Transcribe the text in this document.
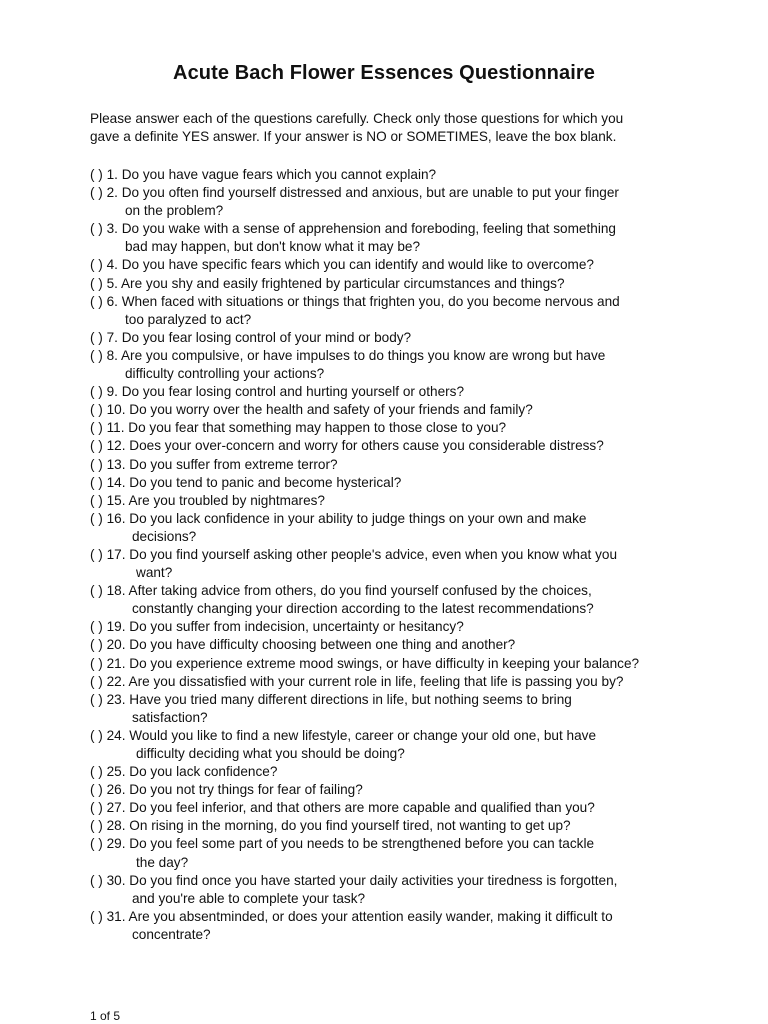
Acute Bach Flower Essences Questionnaire
Please answer each of the questions carefully. Check only those questions for which you
gave a definite YES answer. If your answer is NO or SOMETIMES, leave the box blank.
( ) 1. Do you have vague fears which you cannot explain?
( ) 2. Do you often find yourself distressed and anxious, but are unable to put your finger
on the problem?
( ) 3. Do you wake with a sense of apprehension and foreboding, feeling that something
bad may happen, but don't know what it may be?
( ) 4. Do you have specific fears which you can identify and would like to overcome?
( ) 5. Are you shy and easily frightened by particular circumstances and things?
( ) 6. When faced with situations or things that frighten you, do you become nervous and
too paralyzed to act?
( ) 7. Do you fear losing control of your mind or body?
( ) 8. Are you compulsive, or have impulses to do things you know are wrong but have
difficulty controlling your actions?
( ) 9. Do you fear losing control and hurting yourself or others?
( ) 10. Do you worry over the health and safety of your friends and family?
( ) 11. Do you fear that something may happen to those close to you?
( ) 12. Does your over-concern and worry for others cause you considerable distress?
( ) 13. Do you suffer from extreme terror?
( ) 14. Do you tend to panic and become hysterical?
( ) 15. Are you troubled by nightmares?
( ) 16. Do you lack confidence in your ability to judge things on your own and make
decisions?
( ) 17. Do you find yourself asking other people's advice, even when you know what you
want?
( ) 18. After taking advice from others, do you find yourself confused by the choices,
constantly changing your direction according to the latest recommendations?
( ) 19. Do you suffer from indecision, uncertainty or hesitancy?
( ) 20. Do you have difficulty choosing between one thing and another?
( ) 21. Do you experience extreme mood swings, or have difficulty in keeping your balance?
( ) 22. Are you dissatisfied with your current role in life, feeling that life is passing you by?
( ) 23. Have you tried many different directions in life, but nothing seems to bring
satisfaction?
( ) 24. Would you like to find a new lifestyle, career or change your old one, but have
difficulty deciding what you should be doing?
( ) 25. Do you lack confidence?
( ) 26. Do you not try things for fear of failing?
( ) 27. Do you feel inferior, and that others are more capable and qualified than you?
( ) 28. On rising in the morning, do you find yourself tired, not wanting to get up?
( ) 29. Do you feel some part of you needs to be strengthened before you can tackle
the day?
( ) 30. Do you find once you have started your daily activities your tiredness is forgotten,
and you're able to complete your task?
( ) 31. Are you absentminded, or does your attention easily wander, making it difficult to
concentrate?
1 of 5
